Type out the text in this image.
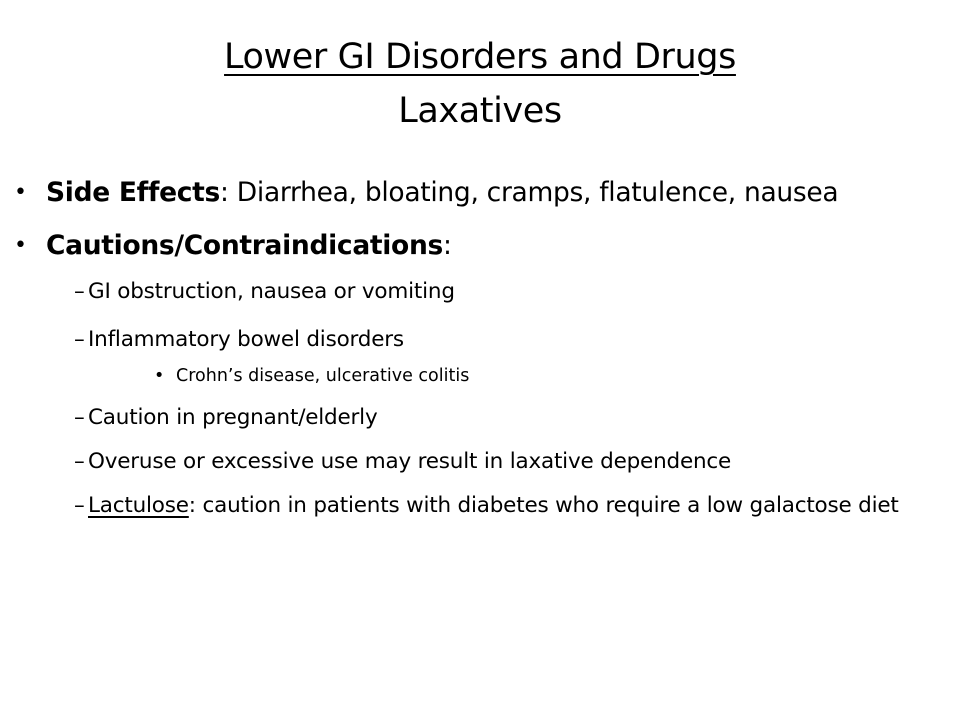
Lower GI Disorders and Drugs
Laxatives
• Side Effects: Diarrhea, bloating, cramps, flatulence, nausea
• Cautions/Contraindications:
– GI obstruction, nausea or vomiting
– Inflammatory bowel disorders
• Crohn’s disease, ulcerative colitis
– Caution in pregnant/elderly
– Overuse or excessive use may result in laxative dependence
– Lactulose: caution in patients with diabetes who require a low galactose diet
